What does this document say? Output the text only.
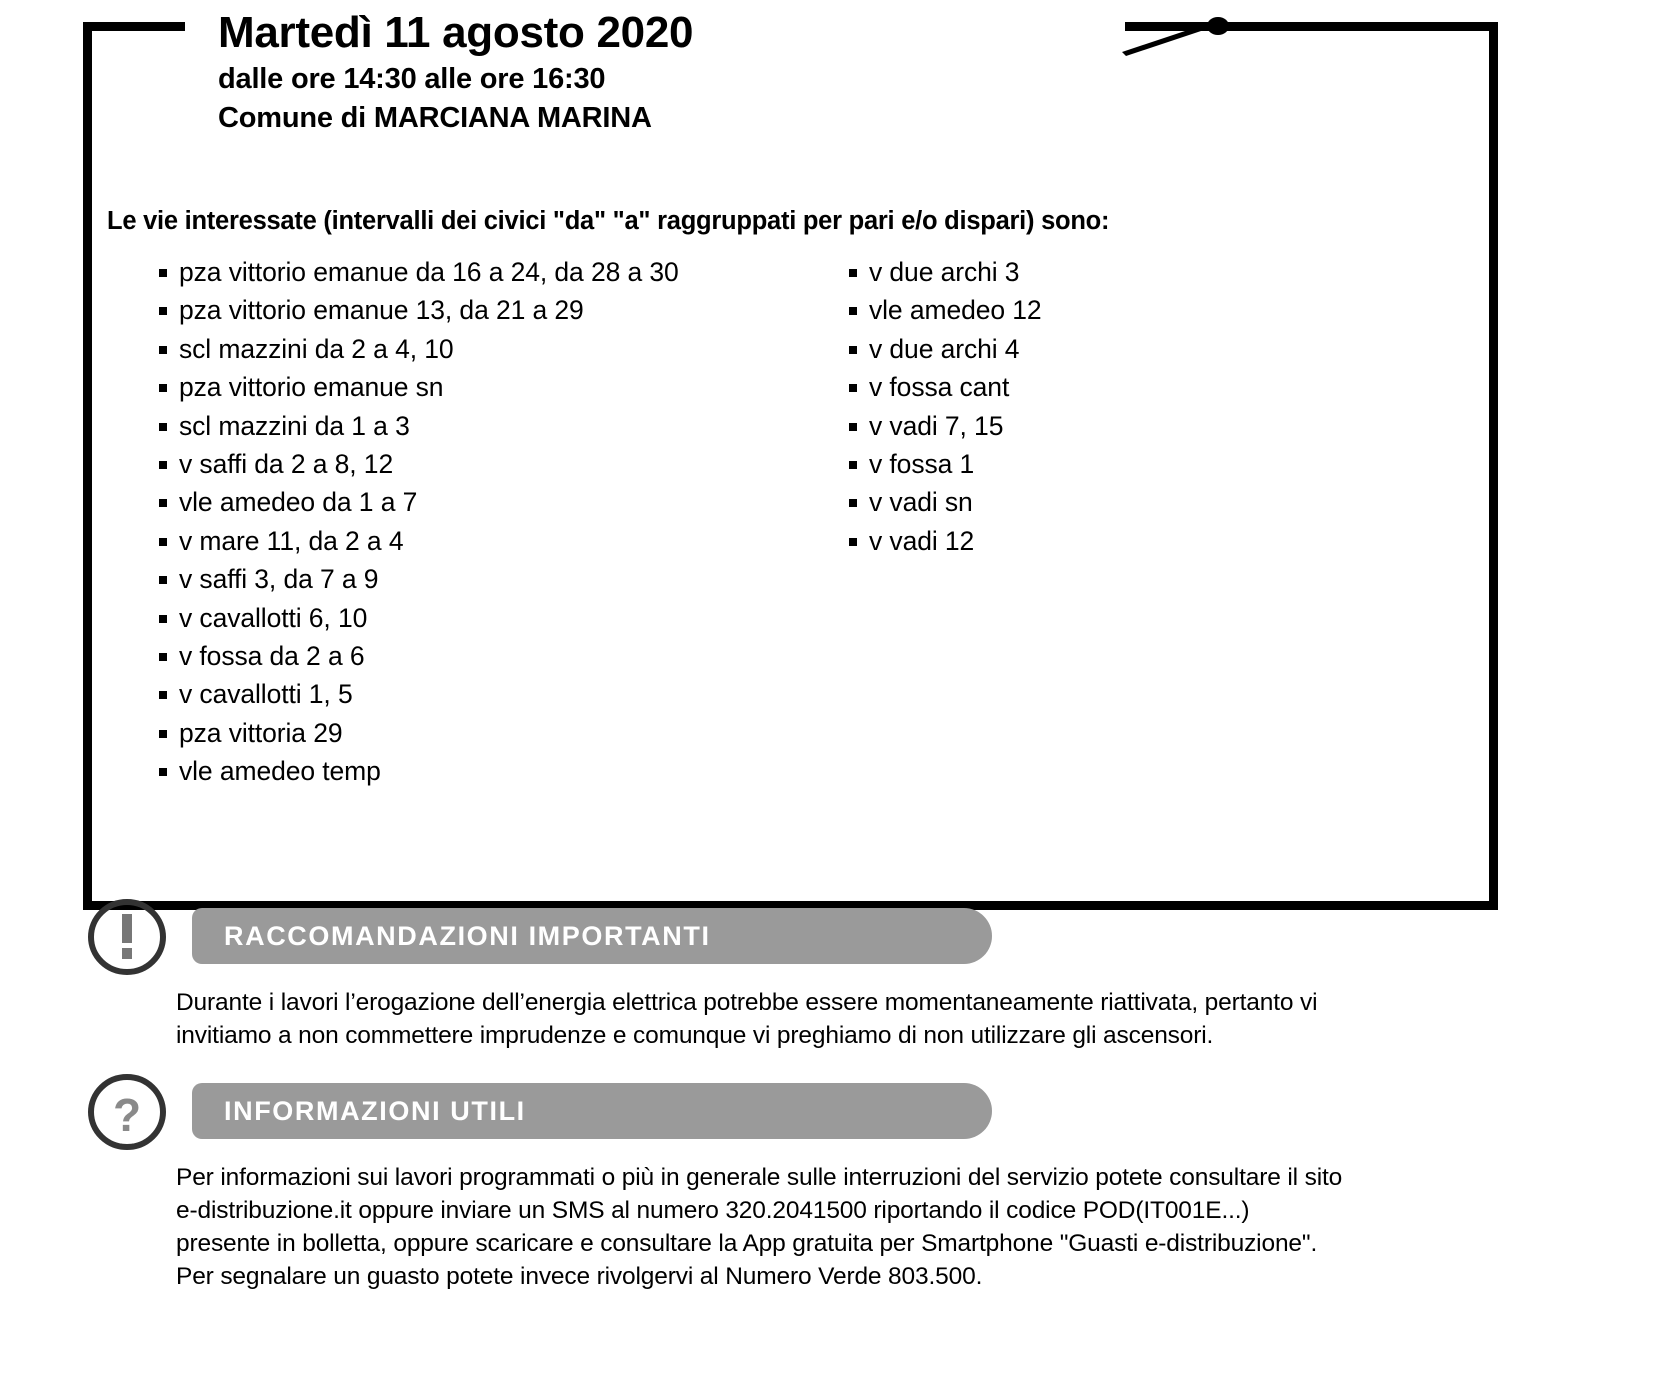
Martedì 11 agosto 2020
dalle ore 14:30 alle ore 16:30
Comune di MARCIANA MARINA
Le vie interessate (intervalli dei civici "da" "a" raggruppati per pari e/o dispari) sono:
pza vittorio emanue da 16 a 24, da 28 a 30
pza vittorio emanue 13, da 21 a 29
scl mazzini da 2 a 4, 10
pza vittorio emanue sn
scl mazzini da 1 a 3
v saffi da 2 a 8, 12
vle amedeo da 1 a 7
v mare 11, da 2 a 4
v saffi 3, da 7 a 9
v cavallotti 6, 10
v fossa da 2 a 6
v cavallotti 1, 5
pza vittoria 29
vle amedeo temp
v due archi 3
vle amedeo 12
v due archi 4
v fossa cant
v vadi 7, 15
v fossa 1
v vadi sn
v vadi 12
RACCOMANDAZIONI IMPORTANTI
Durante i lavori l’erogazione dell’energia elettrica potrebbe essere momentaneamente riattivata, pertanto vi
invitiamo a non commettere imprudenze e comunque vi preghiamo di non utilizzare gli ascensori.
?	INFORMAZIONI UTILI
Per informazioni sui lavori programmati o più in generale sulle interruzioni del servizio potete consultare il sito
e-distribuzione.it oppure inviare un SMS al numero 320.2041500 riportando il codice POD(IT001E...)
presente in bolletta, oppure scaricare e consultare la App gratuita per Smartphone "Guasti e-distribuzione".
Per segnalare un guasto potete invece rivolgervi al Numero Verde 803.500.
